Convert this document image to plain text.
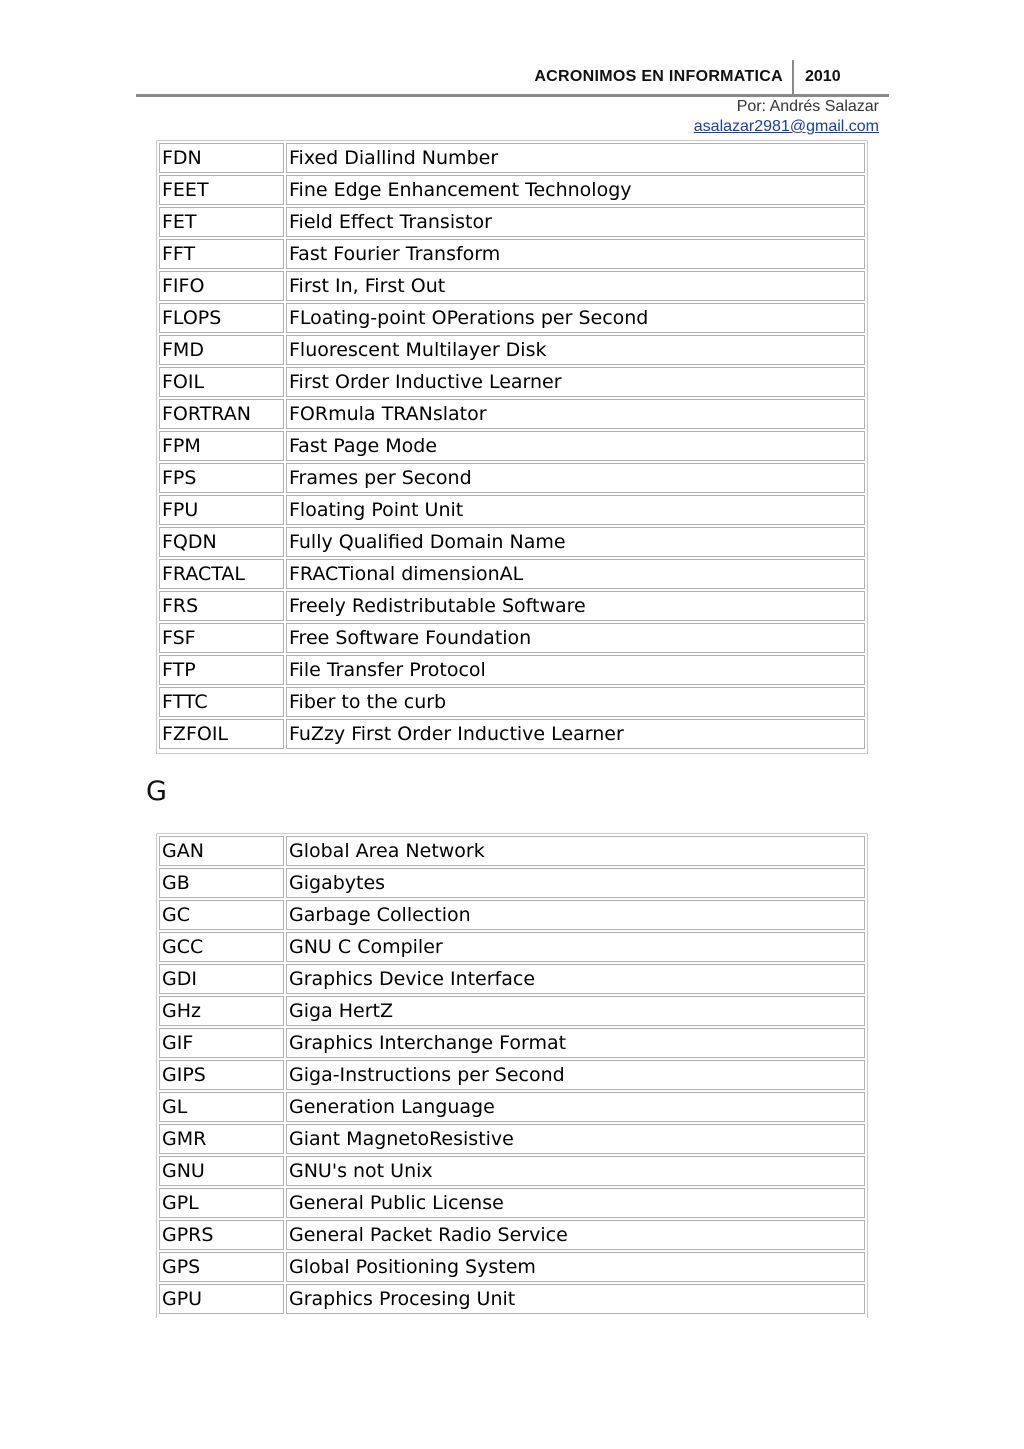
ACRONIMOS EN INFORMATICA 2010
Por: Andrés Salazar
asalazar2981@gmail.com
FDN	Fixed Diallind Number
FEET	Fine Edge Enhancement Technology
FET	Field Effect Transistor
FFT	Fast Fourier Transform
FIFO	First In, First Out
FLOPS	FLoating-point OPerations per Second
FMD	Fluorescent Multilayer Disk
FOIL	First Order Inductive Learner
FORTRAN	FORmula TRANslator
FPM	Fast Page Mode
FPS	Frames per Second
FPU	Floating Point Unit
FQDN	Fully Qualified Domain Name
FRACTAL	FRACTional dimensionAL
FRS	Freely Redistributable Software
FSF	Free Software Foundation
FTP	File Transfer Protocol
FTTC	Fiber to the curb
FZFOIL	FuZzy First Order Inductive Learner
G
GAN	Global Area Network
GB	Gigabytes
GC	Garbage Collection
GCC	GNU C Compiler
GDI	Graphics Device Interface
GHz	Giga HertZ
GIF	Graphics Interchange Format
GIPS	Giga-Instructions per Second
GL	Generation Language
GMR	Giant MagnetoResistive
GNU	GNU's not Unix
GPL	General Public License
GPRS	General Packet Radio Service
GPS	Global Positioning System
GPU	Graphics Procesing Unit
